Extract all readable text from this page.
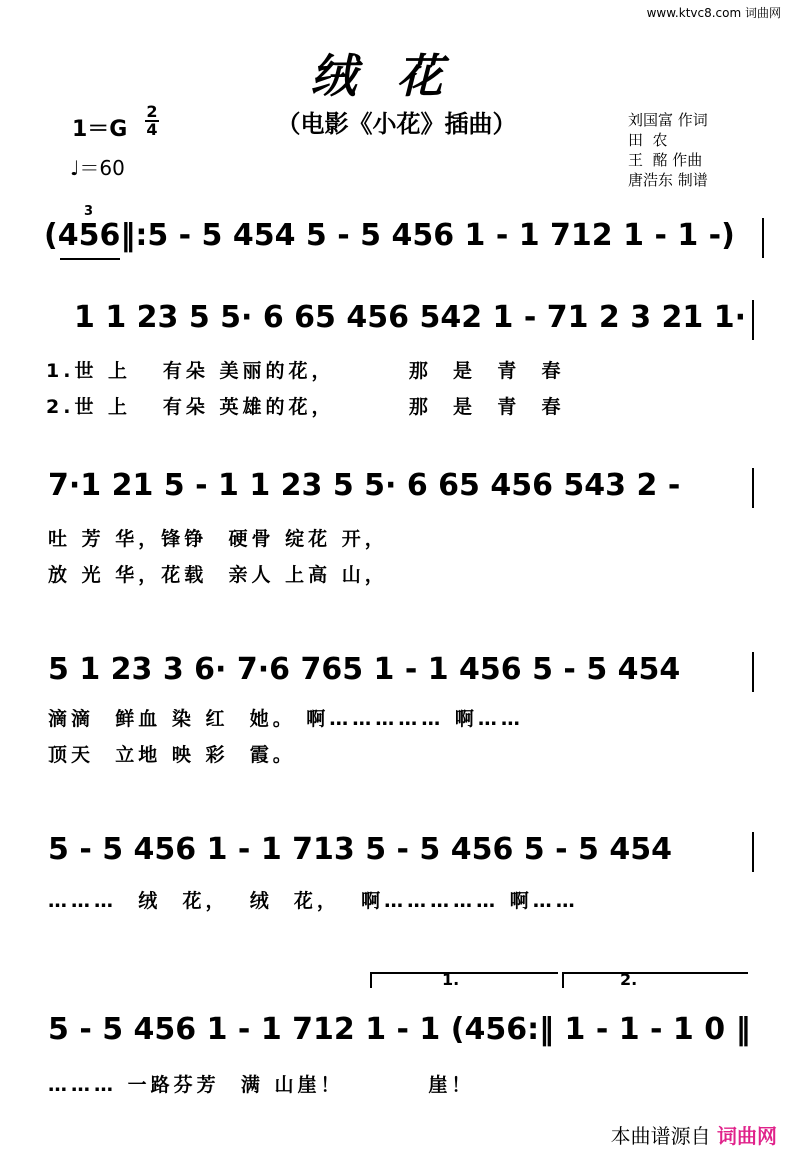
www.ktvc8.com 词曲网
绒花
（电影《小花》插曲）
1＝G
2
4
♩＝60
刘国富 作词
田  农
王  酩 作曲
唐浩东 制谱
(456‖:5 - 5 454 5 - 5 456 1 - 1 712 1 - 1 -)
3
1 1 23 5 5· 6 65 456 542 1 - 71 2 3 21 1·
1.世 上   有朵 美丽的花，       那  是  青  春
2.世 上   有朵 英雄的花，       那  是  青  春
7·1 21 5 - 1 1 23 5 5· 6 65 456 543 2 -
吐 芳 华，锋铮  硬骨 绽花 开，
放 光 华，花载  亲人 上高 山，
5 1 23 3 6· 7·6 765 1 - 1 456 5 - 5 454
滴滴  鲜血 染 红  她。 啊…………… 啊……
顶天  立地 映 彩  霞。
5 - 5 456 1 - 1 713 5 - 5 456 5 - 5 454
………  绒  花，  绒  花，  啊…………… 啊……
1.	2.
5 - 5 456 1 - 1 712 1 - 1 (456:‖ 1 - 1 - 1 0 ‖
……… 一路芬芳  满 山崖！        崖！
本曲谱源自 词曲网
